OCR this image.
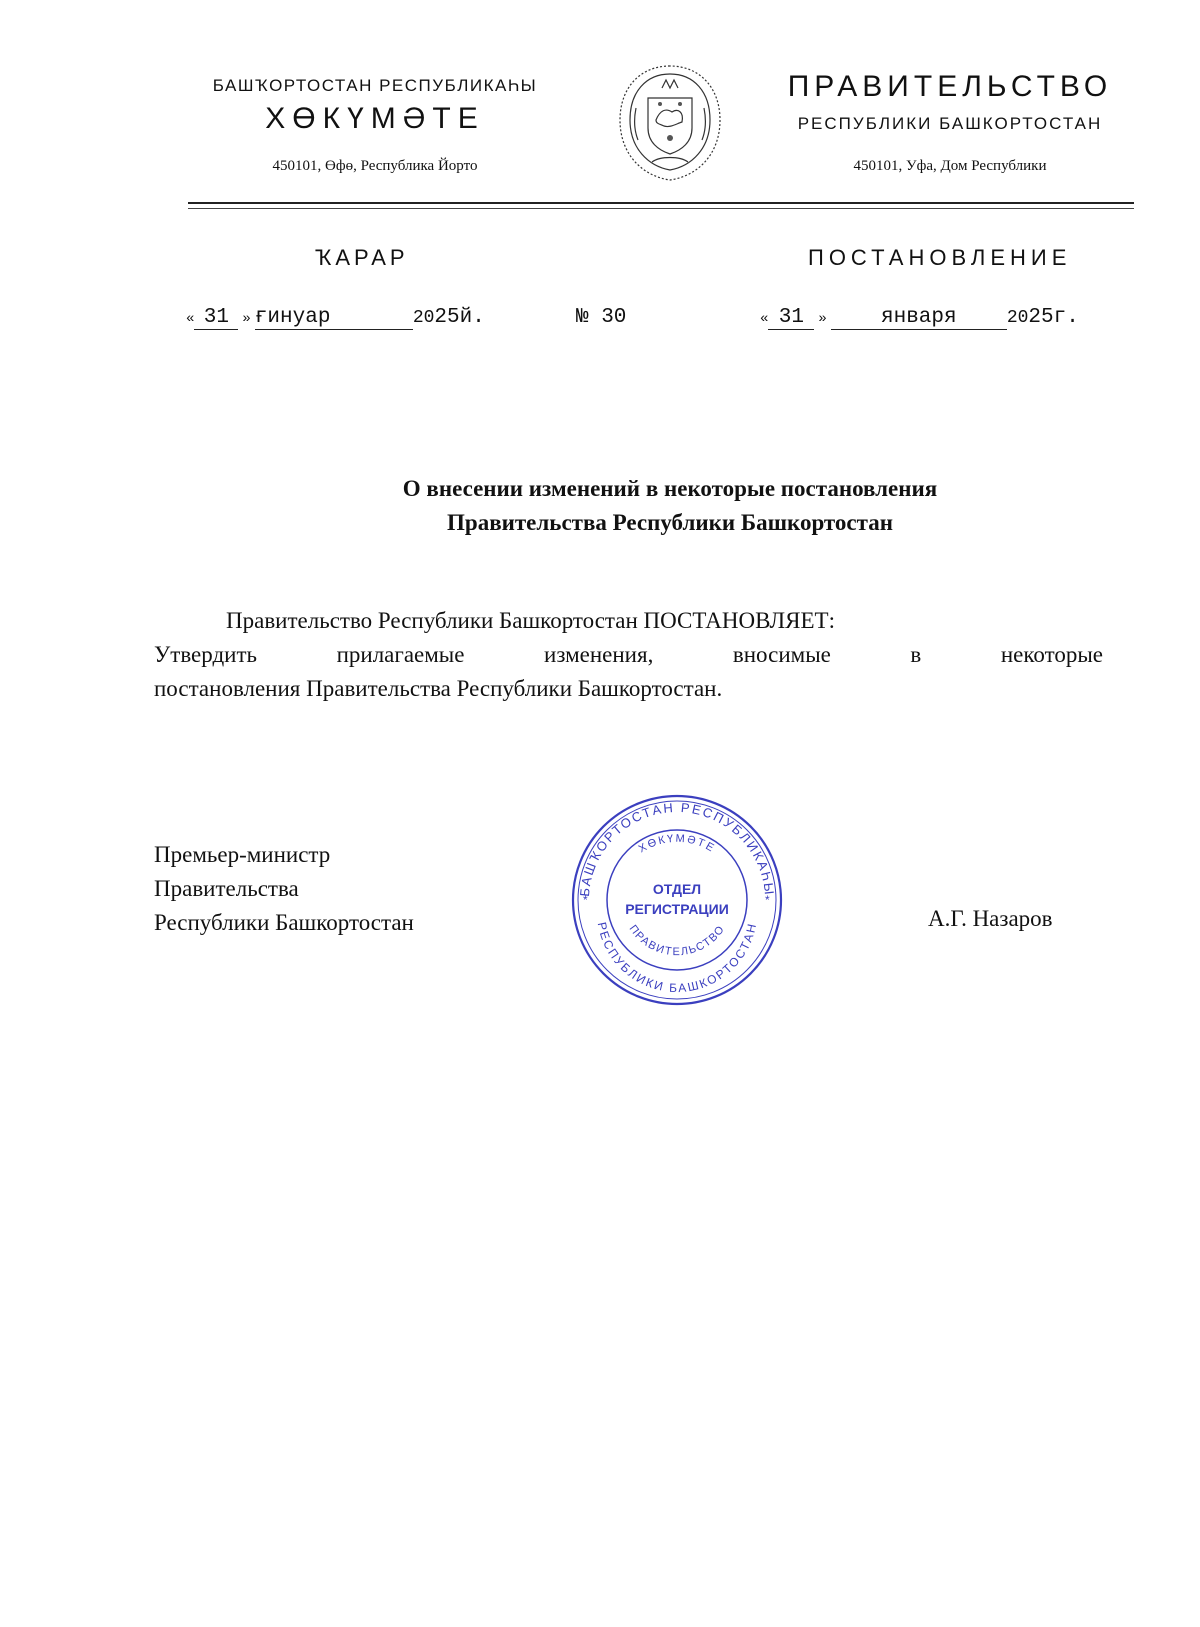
БАШҠОРТОСТАН РЕСПУБЛИКАҺЫ
ХӨКҮМӘТЕ
450101, Өфө, Республика Йорто
ПРАВИТЕЛЬСТВО
РЕСПУБЛИКИ БАШКОРТОСТАН
450101, Уфа, Дом Республики
ҠАРАР	ПОСТАНОВЛЕНИЕ
« 31 » ғинуар	2025й.	№ 30	« 31 »	января	2025г.
О внесении изменений в некоторые постановления
Правительства Республики Башкортостан
Правительство Республики Башкортостан ПОСТАНОВЛЯЕТ:
Утвердить прилагаемые изменения, вносимые в некоторые
постановления Правительства Республики Башкортостан.
Премьер-министр
Правительства
Республики Башкортостан	А.Г. Назаров
БАШҠОРТОСТАН РЕСПУБЛИКАҺЫ
РЕСПУБЛИКИ БАШКОРТОСТАН
ХӨКҮМӘТЕ
ПРАВИТЕЛЬСТВО
ОТДЕЛ
РЕГИСТРАЦИИ
*	*
